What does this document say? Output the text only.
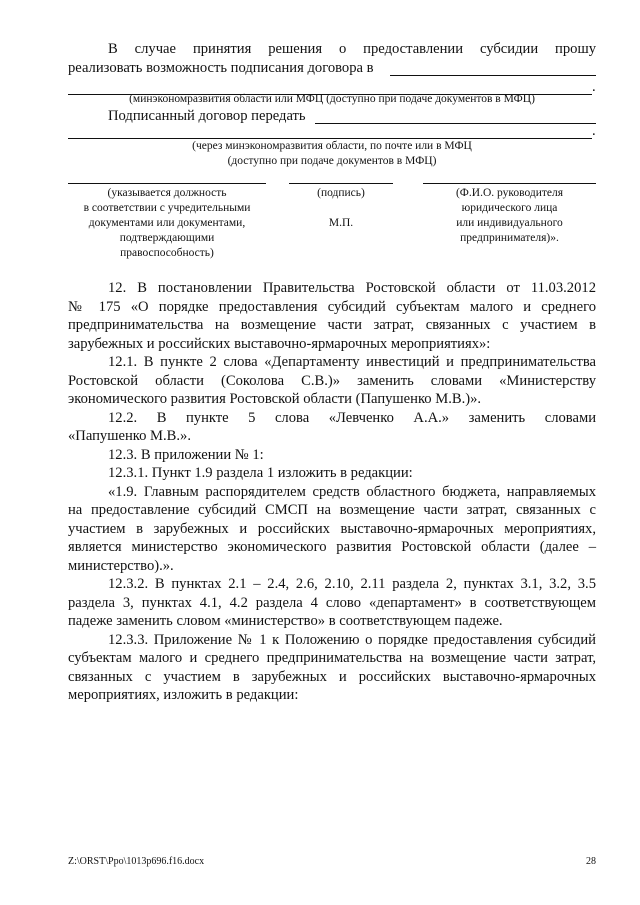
В случае принятия решения о предоставлении субсидии прошу
реализовать возможность подписания договора в
.
(минэкономразвития области или МФЦ (доступно при подаче документов в МФЦ)
Подписанный договор передать
.
(через минэкономразвития области, по почте или в МФЦ
(доступно при подаче документов в МФЦ)
(указывается должность
в соответствии с учредительными
документами или документами,
подтверждающими
правоспособность)
(подпись)
М.П.
(Ф.И.О. руководителя
юридического лица
или индивидуального
предпринимателя)».
12. В постановлении Правительства Ростовской области от 11.03.2012
№ 175 «О порядке предоставления субсидий субъектам малого и среднего
предпринимательства на возмещение части затрат, связанных с участием в
зарубежных и российских выставочно-ярмарочных мероприятиях»:
12.1. В пункте 2 слова «Департаменту инвестиций и предпринимательства
Ростовской области (Соколова С.В.)» заменить словами «Министерству
экономического развития Ростовской области (Папушенко М.В.)».
12.2. В пункте 5 слова «Левченко А.А.» заменить словами
«Папушенко М.В.».
12.3. В приложении № 1:
12.3.1. Пункт 1.9 раздела 1 изложить в редакции:
«1.9. Главным распорядителем средств областного бюджета, направляемых
на предоставление субсидий СМСП на возмещение части затрат, связанных с
участием в зарубежных и российских выставочно-ярмарочных мероприятиях,
является министерство экономического развития Ростовской области (далее –
министерство).».
12.3.2. В пунктах 2.1 – 2.4, 2.6, 2.10, 2.11 раздела 2, пунктах 3.1, 3.2, 3.5
раздела 3, пунктах 4.1, 4.2 раздела 4 слово «департамент» в соответствующем
падеже заменить словом «министерство» в соответствующем падеже.
12.3.3. Приложение № 1 к Положению о порядке предоставления субсидий
субъектам малого и среднего предпринимательства на возмещение части затрат,
связанных с участием в зарубежных и российских выставочно-ярмарочных
мероприятиях, изложить в редакции:
Z:\ORST\Ppo\1013p696.f16.docx	28
